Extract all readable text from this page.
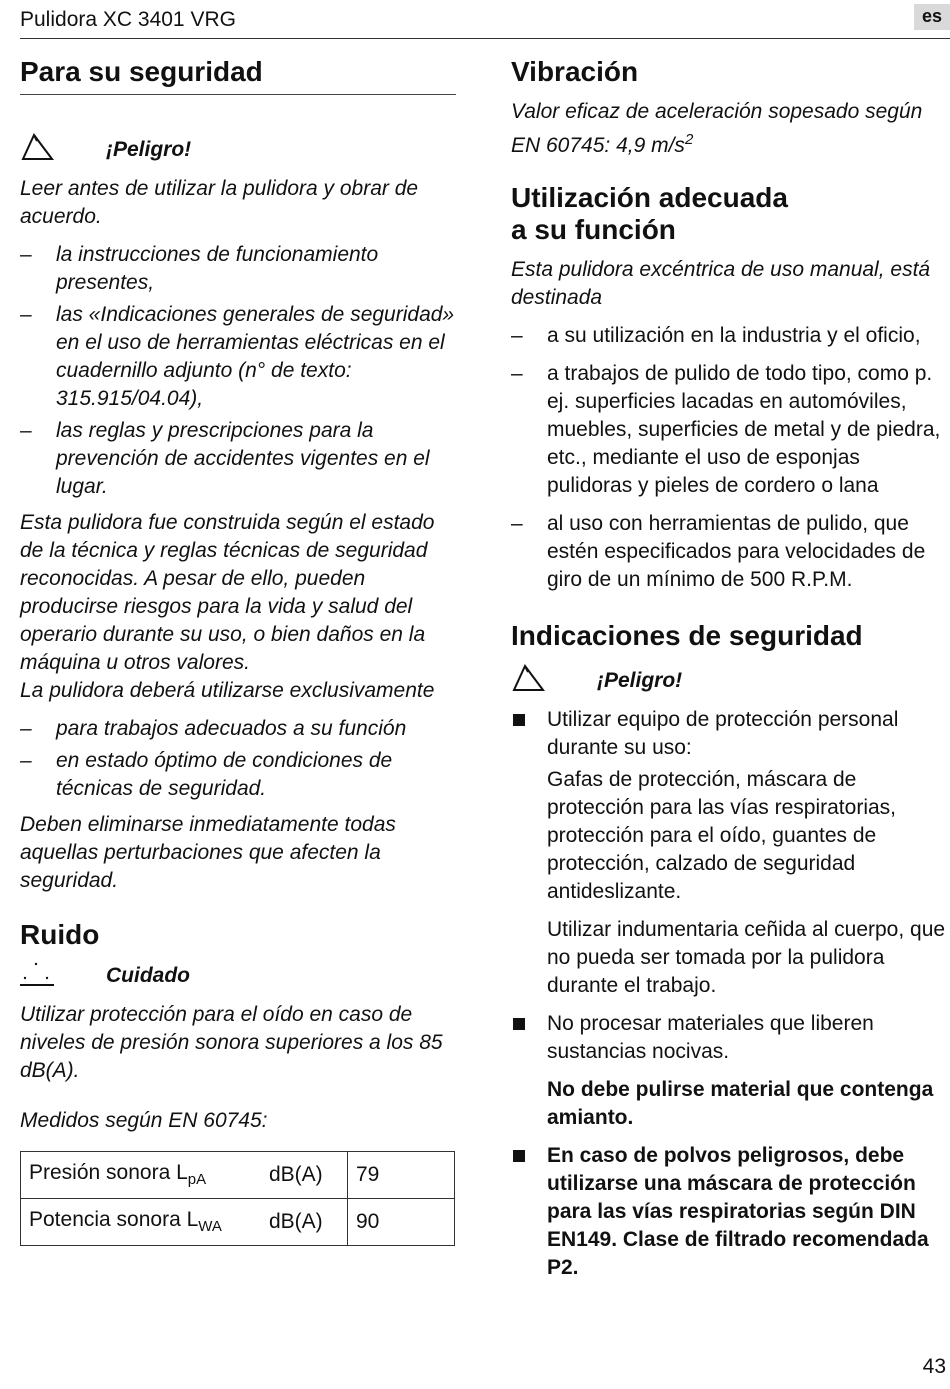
Pulidora XC 3401 VRG	es
Para su seguridad
¡Peligro!

Leer antes de utilizar la pulidora y obrar de acuerdo.

– la instrucciones de funcionamiento presentes,
– las «Indicaciones generales de seguridad» en el uso de herramientas eléctricas en el cuadernillo adjunto (n° de texto: 315.915/04.04),
– las reglas y prescripciones para la prevención de accidentes vigentes en el lugar.

Esta pulidora fue construida según el estado de la técnica y reglas técnicas de seguridad reconocidas. A pesar de ello, pueden producirse riesgos para la vida y salud del operario durante su uso, o bien daños en la máquina u otros valores.

La pulidora deberá utilizarse exclusivamente

– para trabajos adecuados a su función
– en estado óptimo de condiciones de técnicas de seguridad.

Deben eliminarse inmediatamente todas aquellas perturbaciones que afecten la seguridad.

Ruido
Cuidado

Utilizar protección para el oído en caso de niveles de presión sonora superiores a los 85 dB(A).

Medidos según EN 60745:

Presión sonora $L_{pA}$	dB(A)	79
Potencia sonora $L_{WA}$	dB(A)	90
Vibración

Valor eficaz de aceleración sopesado según EN 60745: 4,9 $m/s^2$

Utilización adecuada
a su función

Esta pulidora excéntrica de uso manual, está destinada

– a su utilización en la industria y el oficio,
– a trabajos de pulido de todo tipo, como p. ej. superficies lacadas en automóviles, muebles, superficies de metal y de piedra, etc., mediante el uso de esponjas pulidoras y pieles de cordero o lana
– al uso con herramientas de pulido, que estén especificados para velocidades de giro de un mínimo de 500 R.P.M.
Indicaciones de seguridad
¡Peligro!

Utilizar equipo de protección personal durante su uso:

Gafas de protección, máscara de protección para las vías respiratorias, protección para el oído, guantes de protección, calzado de seguridad antideslizante.

Utilizar indumentaria ceñida al cuerpo, que no pueda ser tomada por la pulidora durante el trabajo.

No procesar materiales que liberen sustancias nocivas.

No debe pulirse material que contenga amianto.

En caso de polvos peligrosos, debe utilizarse una máscara de protección para las vías respiratorias según DIN EN149. Clase de filtrado recomendada P2.

43
